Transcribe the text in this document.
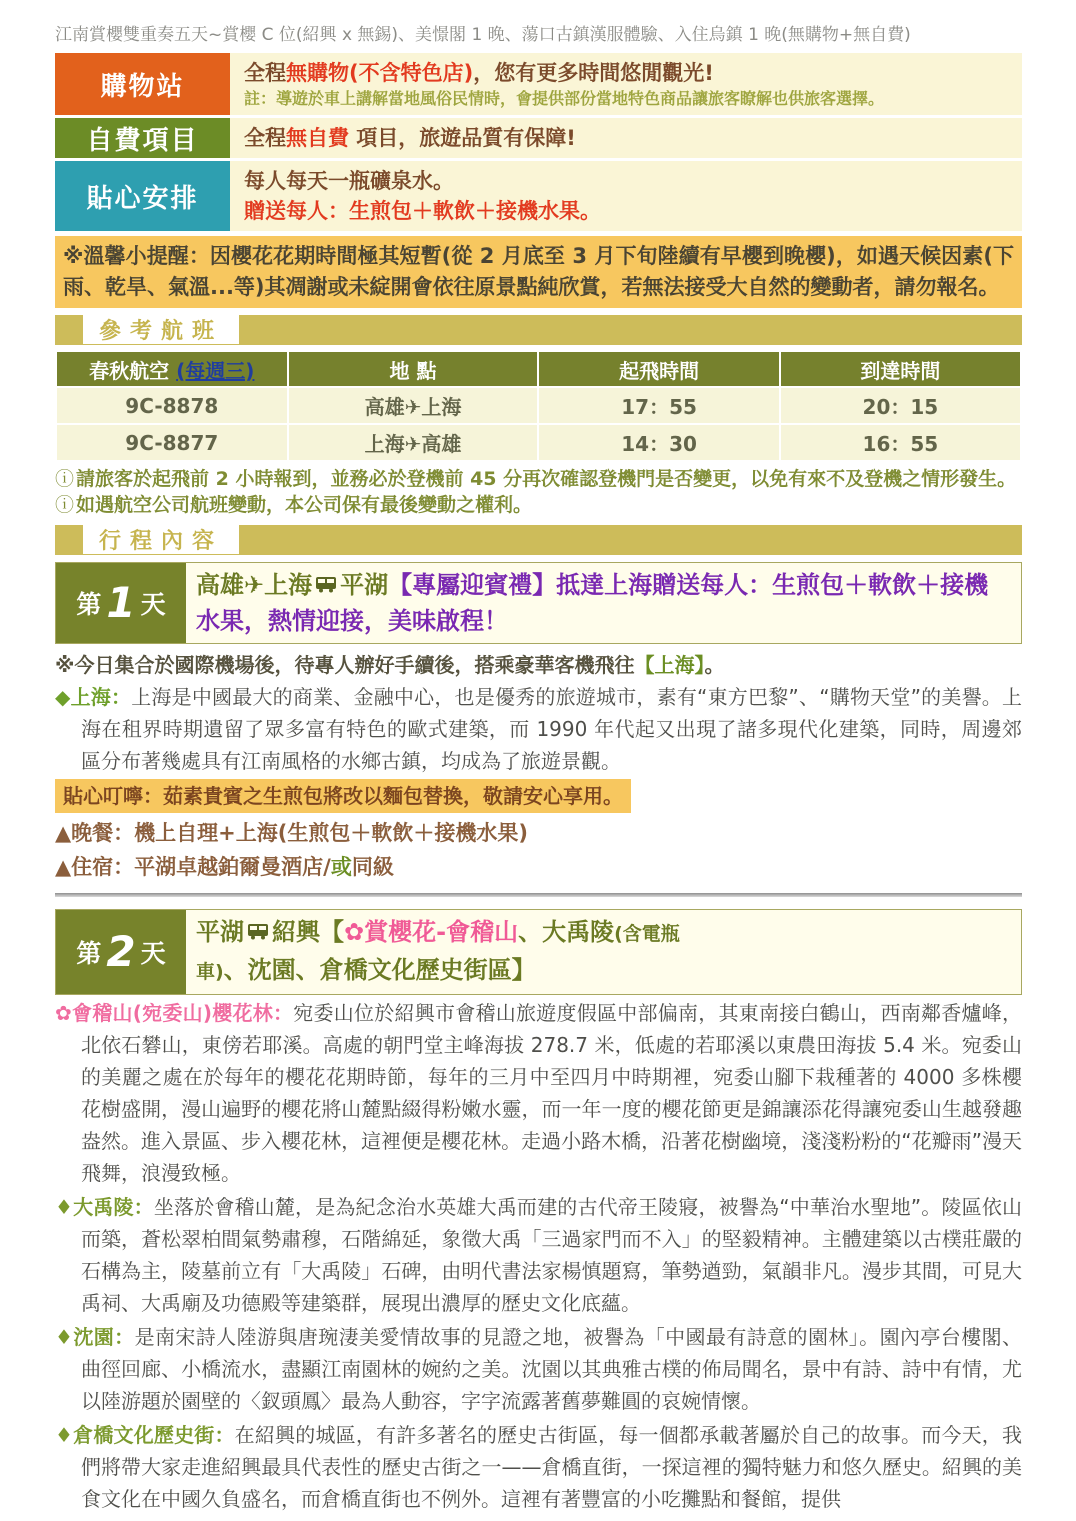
江南賞櫻雙重奏五天~賞櫻 C 位(紹興 x 無錫)、美憬閣 1 晚、蕩口古鎮漢服體驗、入住烏鎮 1 晚(無購物+無自費)
購物站	全程無購物(不含特色店)，您有更多時間悠閒觀光!
註：導遊於車上講解當地風俗民情時，會提供部份當地特色商品讓旅客瞭解也供旅客選擇。
自費項目	全程無自費 項目，旅遊品質有保障!
貼心安排
每人每天一瓶礦泉水。
贈送每人：生煎包＋軟飲＋接機水果。
※溫馨小提醒：因櫻花花期時間極其短暫(從 2 月底至 3 月下旬陸續有早櫻到晚櫻)，如遇天候因素(下雨、乾旱、氣溫...等)其凋謝或未綻開會依往原景點純欣賞，若無法接受大自然的變動者，請勿報名。
參考航班
春秋航空 (每週三)	地 點	起飛時間	到達時間
9C-8878	高雄✈上海	17：55	20：15
9C-8877	上海✈高雄	14：30	16：55
ⓘ 請旅客於起飛前 2 小時報到，並務必於登機前 45 分再次確認登機門是否變更，以免有來不及登機之情形發生。
ⓘ 如遇航空公司航班變動，本公司保有最後變動之權利。
行程內容
第 1 天
高雄✈上海 平湖【專屬迎賓禮】抵達上海贈送每人：生煎包＋軟飲＋接機水果，熱情迎接，美味啟程！
※今日集合於國際機場後，待專人辦好手續後，搭乘豪華客機飛往【上海】。
◆上海：上海是中國最大的商業、金融中心，也是優秀的旅遊城市，素有“東方巴黎”、“購物天堂”的美譽。上海在租界時期遺留了眾多富有特色的歐式建築，而 1990 年代起又出現了諸多現代化建築，同時，周邊郊區分布著幾處具有江南風格的水鄉古鎮，均成為了旅遊景觀。
貼心叮嚀：茹素貴賓之生煎包將改以麵包替換，敬請安心享用。
▲晚餐：機上自理+上海(生煎包＋軟飲＋接機水果)
▲住宿：平湖卓越鉑爾曼酒店/或同級
第 2 天
平湖 紹興【✿賞櫻花-會稽山、大禹陵(含電瓶車)、沈園、倉橋文化歷史街區】
✿會稽山(宛委山)櫻花林：宛委山位於紹興市會稽山旅遊度假區中部偏南，其東南接白鶴山，西南鄰香爐峰，北依石礬山，東傍若耶溪。高處的朝門堂主峰海拔 278.7 米，低處的若耶溪以東農田海拔 5.4 米。宛委山的美麗之處在於每年的櫻花花期時節，每年的三月中至四月中時期裡，宛委山腳下栽種著的 4000 多株櫻花樹盛開，漫山遍野的櫻花將山麓點綴得粉嫩水靈，而一年一度的櫻花節更是錦讓添花得讓宛委山生越發趣盎然。進入景區、步入櫻花林，這裡便是櫻花林。走過小路木橋，沿著花樹幽境，淺淺粉粉的“花瓣雨”漫天飛舞，浪漫致極。
♦大禹陵：坐落於會稽山麓，是為紀念治水英雄大禹而建的古代帝王陵寢，被譽為“中華治水聖地”。陵區依山而築，蒼松翠柏間氣勢肅穆，石階綿延，象徵大禹「三過家門而不入」的堅毅精神。主體建築以古樸莊嚴的石構為主，陵墓前立有「大禹陵」石碑，由明代書法家楊慎題寫，筆勢遒勁，氣韻非凡。漫步其間，可見大禹祠、大禹廟及功德殿等建築群，展現出濃厚的歷史文化底蘊。
♦沈園：是南宋詩人陸游與唐琬淒美愛情故事的見證之地，被譽為「中國最有詩意的園林」。園內亭台樓閣、曲徑回廊、小橋流水，盡顯江南園林的婉約之美。沈園以其典雅古樸的佈局聞名，景中有詩、詩中有情，尤以陸游題於園壁的〈釵頭鳳〉最為人動容，字字流露著舊夢難圓的哀婉情懷。
♦倉橋文化歷史街：在紹興的城區，有許多著名的歷史古街區，每一個都承載著屬於自己的故事。而今天，我們將帶大家走進紹興最具代表性的歷史古街之一——倉橋直街，一探這裡的獨特魅力和悠久歷史。紹興的美食文化在中國久負盛名，而倉橋直街也不例外。這裡有著豐富的小吃攤點和餐館，提供
